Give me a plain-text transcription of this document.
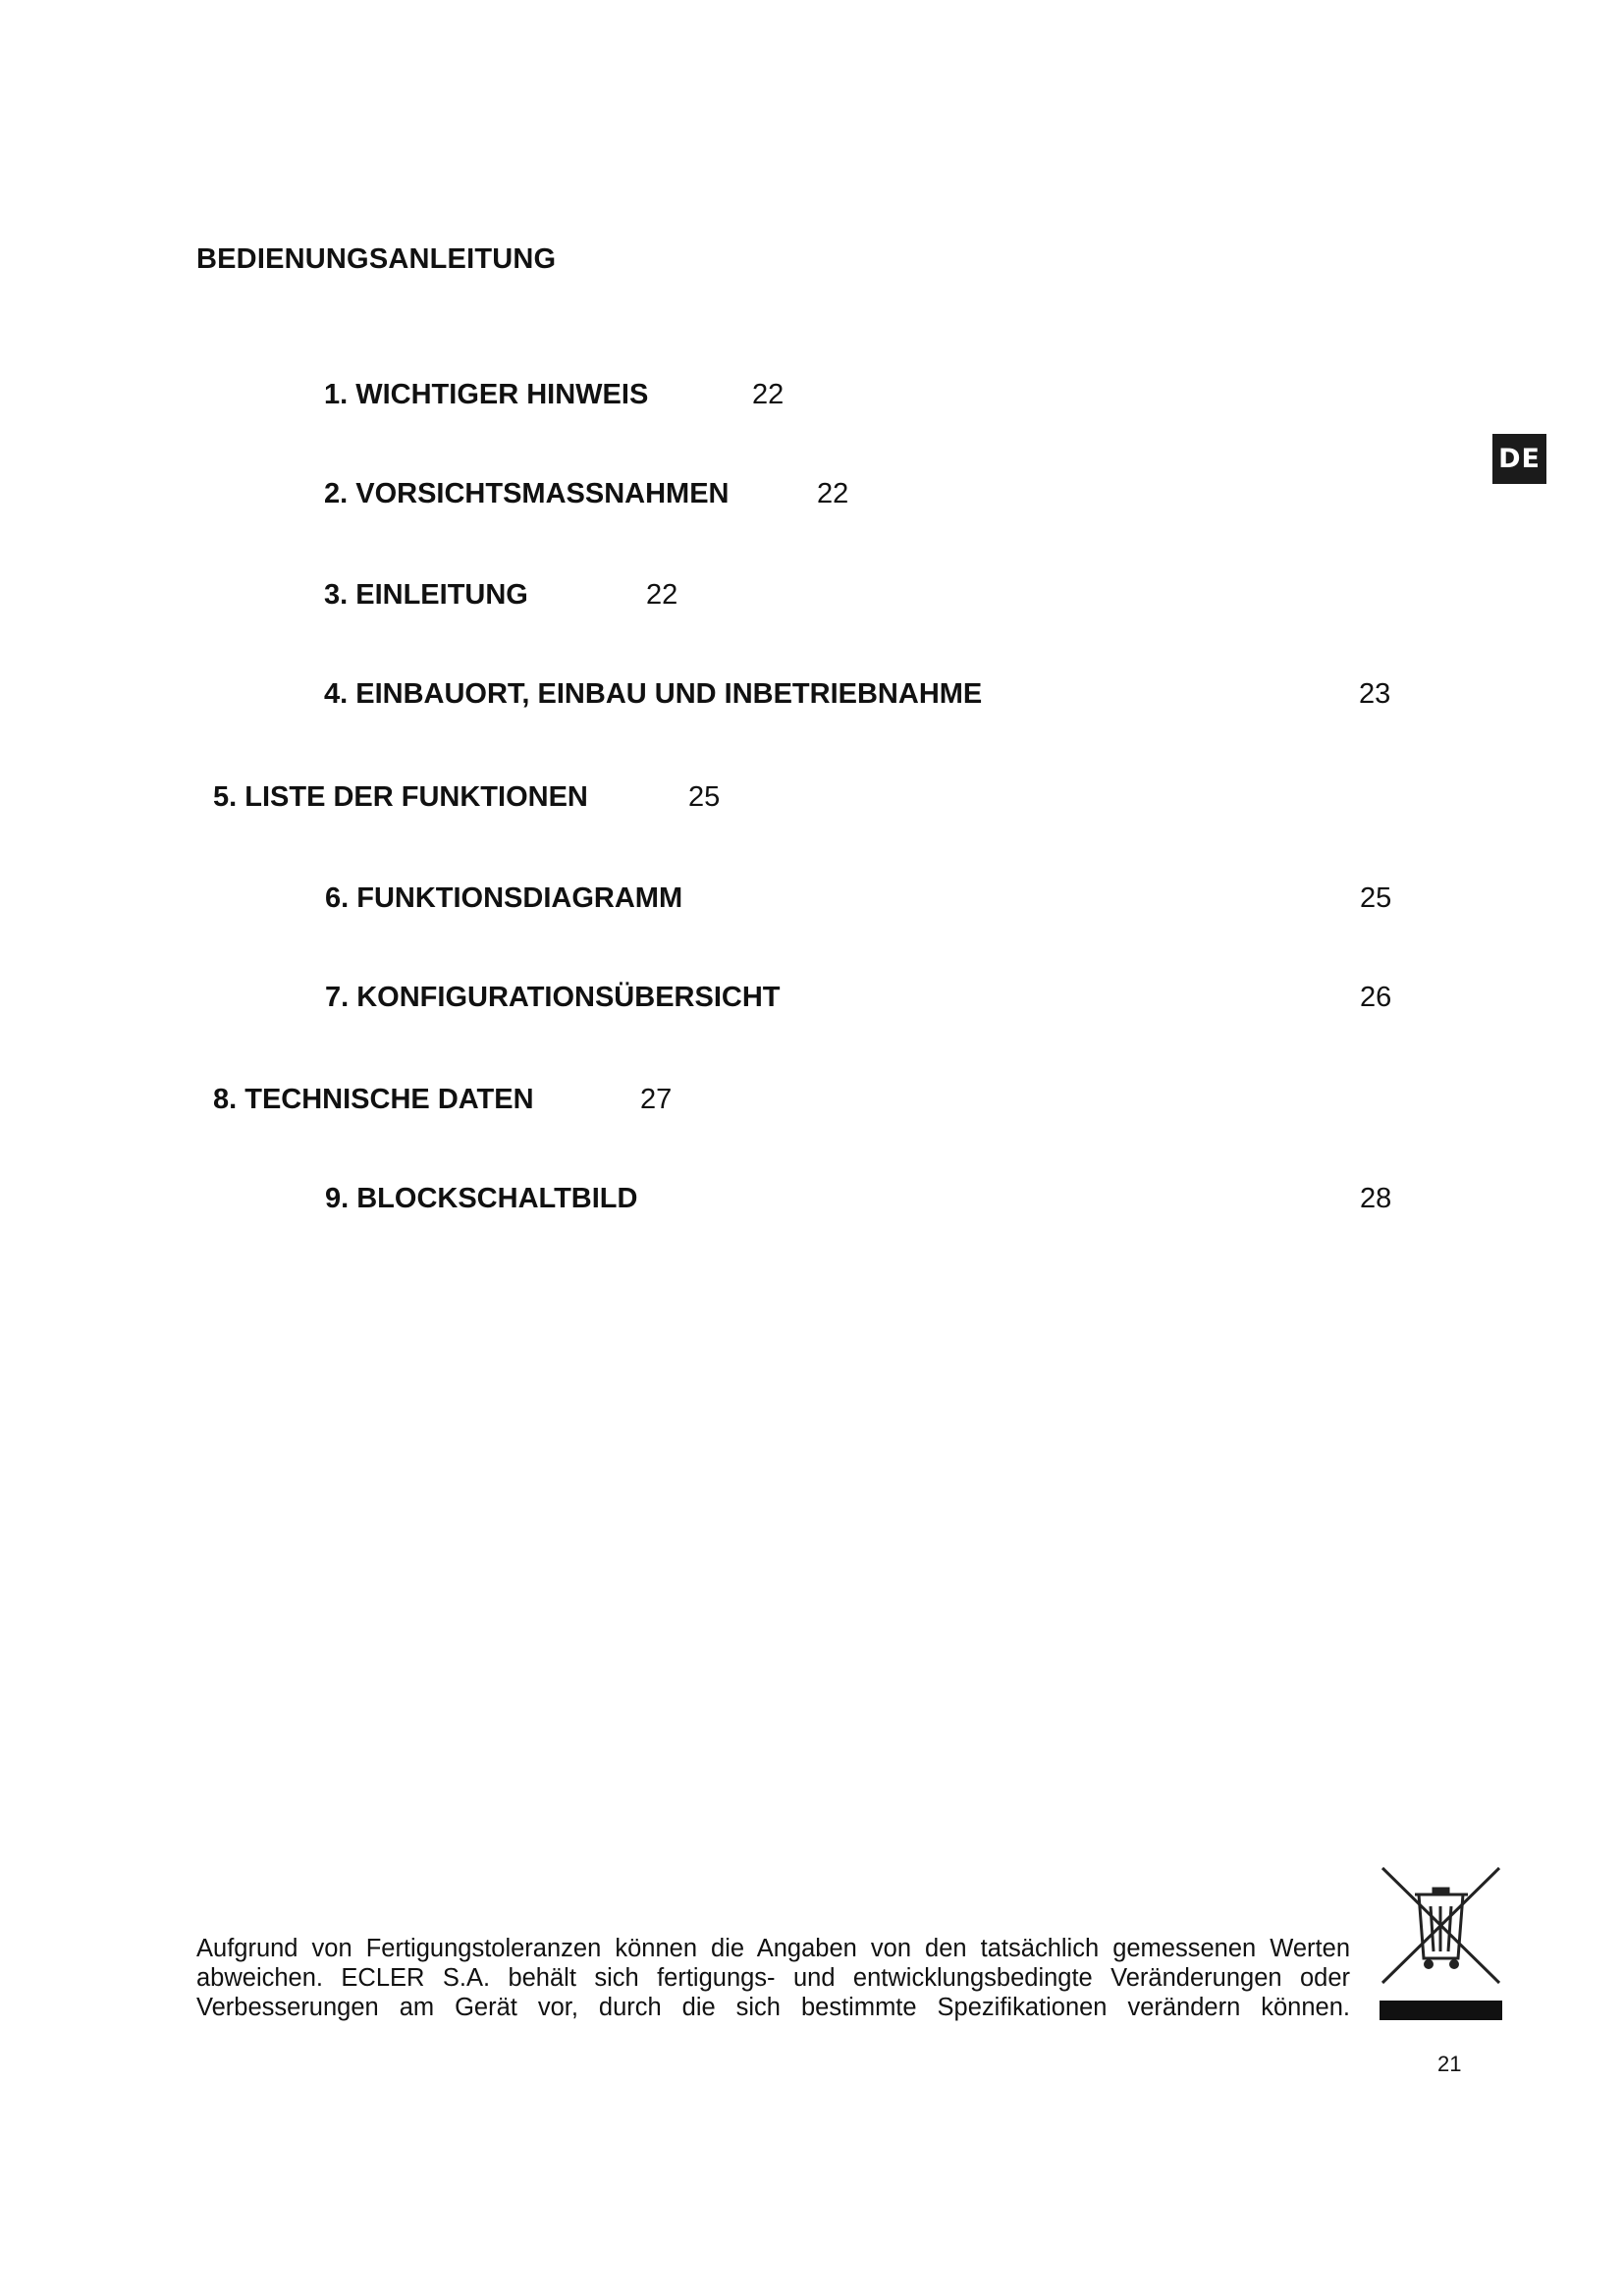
BEDIENUNGSANLEITUNG
DE
1. WICHTIGER HINWEIS	22
2. VORSICHTSMASSNAHMEN	22
3. EINLEITUNG	22
4. EINBAUORT, EINBAU UND INBETRIEBNAHME	23
5. LISTE DER FUNKTIONEN	25
6. FUNKTIONSDIAGRAMM	25
7. KONFIGURATIONSÜBERSICHT	26
8. TECHNISCHE DATEN	27
9. BLOCKSCHALTBILD	28
Aufgrund von Fertigungstoleranzen können die Angaben von den tatsächlich gemessenen Werten
abweichen. ECLER S.A. behält sich fertigungs- und entwicklungsbedingte Veränderungen oder
Verbesserungen am Gerät vor, durch die sich bestimmte Spezifikationen verändern können.
21
